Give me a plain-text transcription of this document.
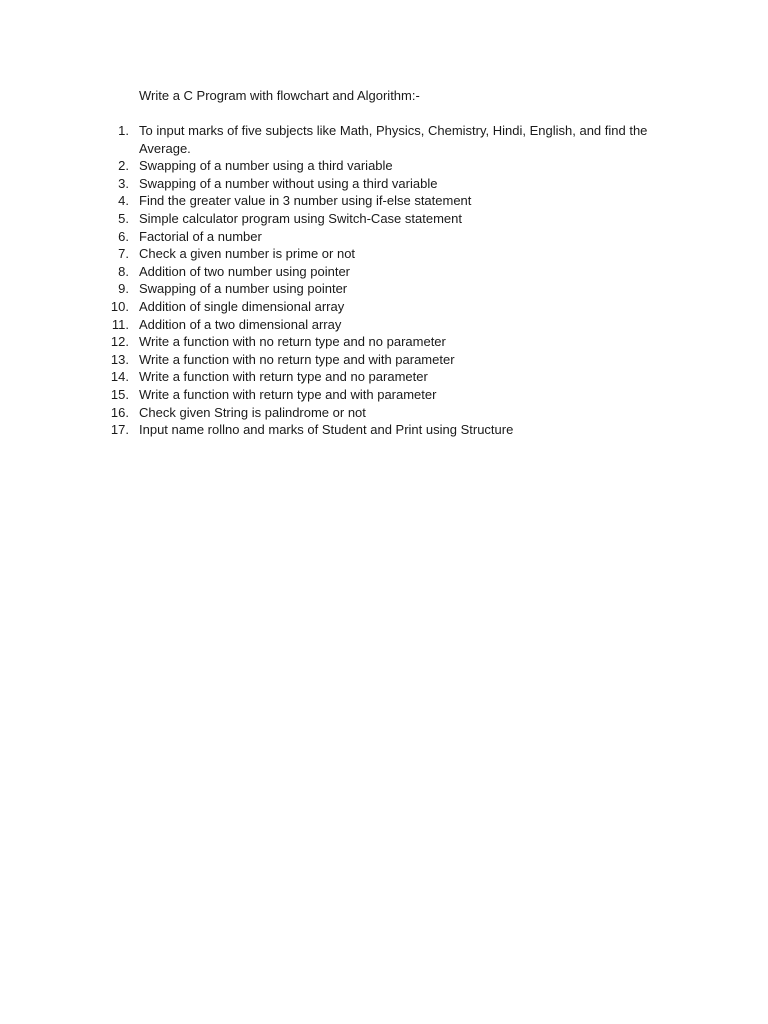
Write a C Program with flowchart and Algorithm:-
1. To input marks of five subjects like Math, Physics, Chemistry, Hindi, English, and find the Average.
2. Swapping of a number using a third variable
3. Swapping of a number without using a third variable
4. Find the greater value in 3 number using if-else statement
5. Simple calculator program using Switch-Case statement
6. Factorial of a number
7. Check a given number is prime or not
8. Addition of two number using pointer
9. Swapping of a number using pointer
10. Addition of single dimensional array
11. Addition of a two dimensional array
12. Write a function with no return type and no parameter
13. Write a function with no return type and with parameter
14. Write a function with return type and no parameter
15. Write a function with return type and with parameter
16. Check given String is palindrome or not
17. Input name rollno and marks of Student and Print using Structure
